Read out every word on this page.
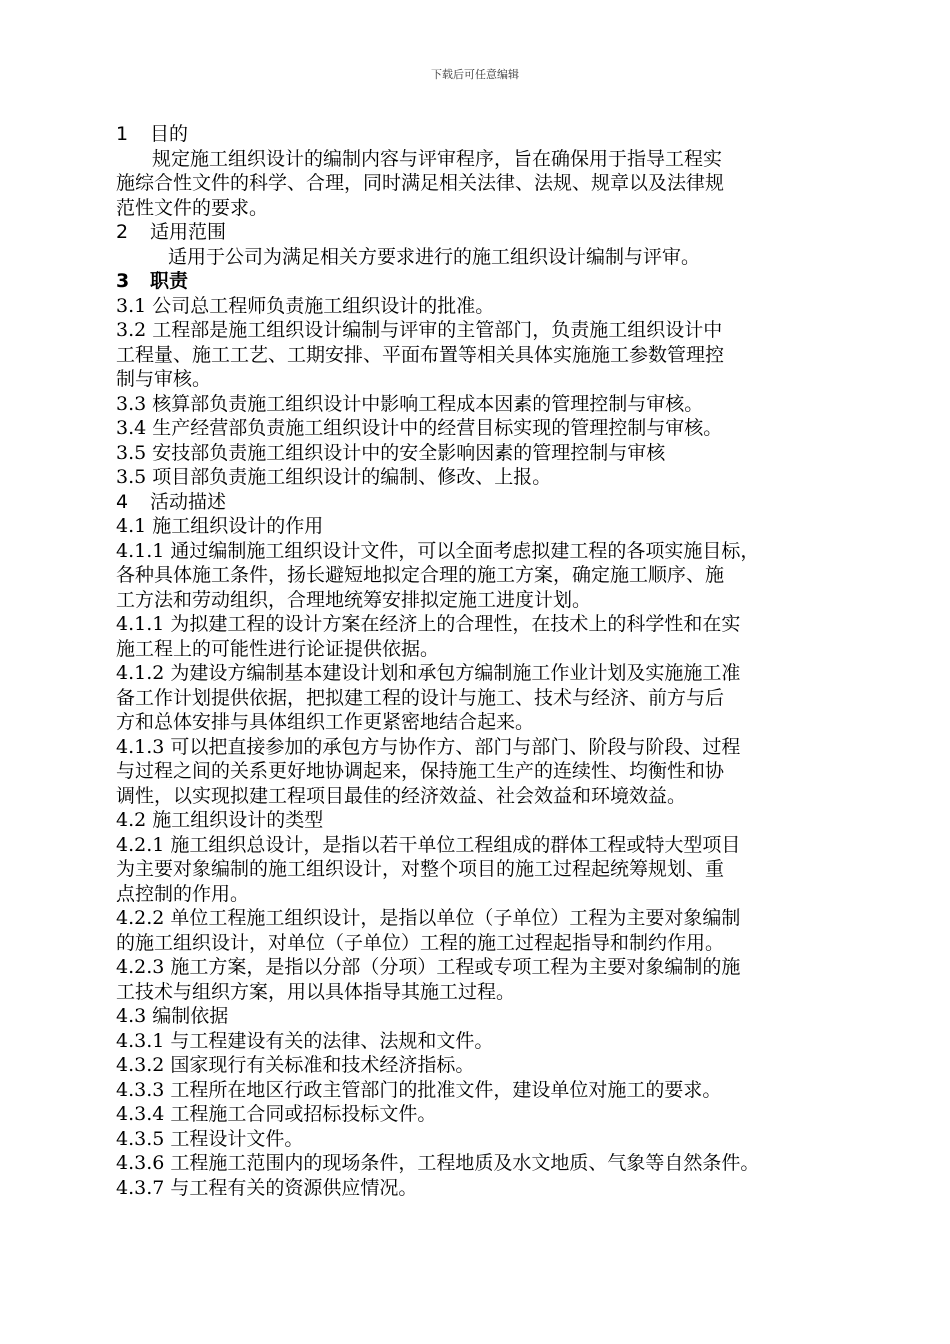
下载后可任意编辑
1 目的
规定施工组织设计的编制内容与评审程序，旨在确保用于指导工程实
施综合性文件的科学、合理，同时满足相关法律、法规、规章以及法律规
范性文件的要求。
2 适用范围
适用于公司为满足相关方要求进行的施工组织设计编制与评审。
3 职责
3.1 公司总工程师负责施工组织设计的批准。
3.2 工程部是施工组织设计编制与评审的主管部门，负责施工组织设计中
工程量、施工工艺、工期安排、平面布置等相关具体实施施工参数管理控
制与审核。
3.3 核算部负责施工组织设计中影响工程成本因素的管理控制与审核。
3.4 生产经营部负责施工组织设计中的经营目标实现的管理控制与审核。
3.5 安技部负责施工组织设计中的安全影响因素的管理控制与审核
3.5 项目部负责施工组织设计的编制、修改、上报。
4 活动描述
4.1 施工组织设计的作用
4.1.1 通过编制施工组织设计文件，可以全面考虑拟建工程的各项实施目标，
各种具体施工条件，扬长避短地拟定合理的施工方案，确定施工顺序、施
工方法和劳动组织，合理地统筹安排拟定施工进度计划。
4.1.1 为拟建工程的设计方案在经济上的合理性，在技术上的科学性和在实
施工程上的可能性进行论证提供依据。
4.1.2 为建设方编制基本建设计划和承包方编制施工作业计划及实施施工准
备工作计划提供依据，把拟建工程的设计与施工、技术与经济、前方与后
方和总体安排与具体组织工作更紧密地结合起来。
4.1.3 可以把直接参加的承包方与协作方、部门与部门、阶段与阶段、过程
与过程之间的关系更好地协调起来，保持施工生产的连续性、均衡性和协
调性，以实现拟建工程项目最佳的经济效益、社会效益和环境效益。
4.2 施工组织设计的类型
4.2.1 施工组织总设计，是指以若干单位工程组成的群体工程或特大型项目
为主要对象编制的施工组织设计，对整个项目的施工过程起统筹规划、重
点控制的作用。
4.2.2 单位工程施工组织设计，是指以单位（子单位）工程为主要对象编制
的施工组织设计，对单位（子单位）工程的施工过程起指导和制约作用。
4.2.3 施工方案，是指以分部（分项）工程或专项工程为主要对象编制的施
工技术与组织方案，用以具体指导其施工过程。
4.3 编制依据
4.3.1 与工程建设有关的法律、法规和文件。
4.3.2 国家现行有关标准和技术经济指标。
4.3.3 工程所在地区行政主管部门的批准文件，建设单位对施工的要求。
4.3.4 工程施工合同或招标投标文件。
4.3.5 工程设计文件。
4.3.6 工程施工范围内的现场条件，工程地质及水文地质、气象等自然条件。
4.3.7 与工程有关的资源供应情况。
